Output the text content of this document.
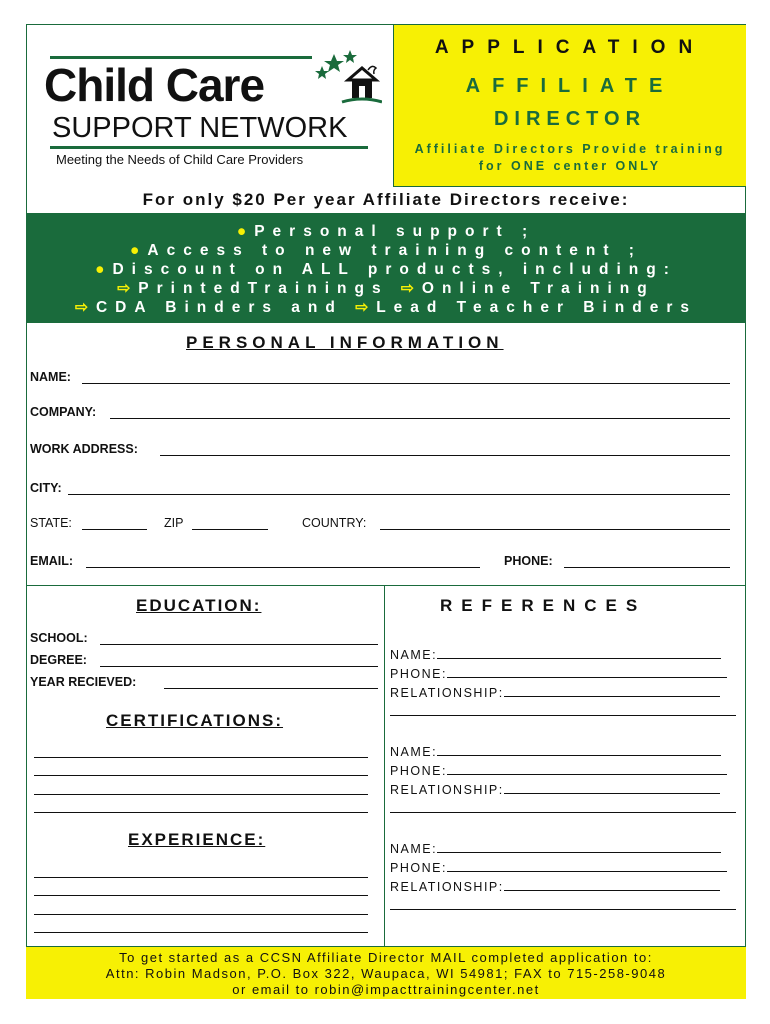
Child Care
SUPPORT NETWORK
Meeting the Needs of Child Care Providers
APPLICATION
AFFILIATE
DIRECTOR
Affiliate Directors Provide training
for ONE center ONLY
For only $20 Per year Affiliate Directors receive:
●Personal support ;
●Access to new training content ;
●Discount on ALL products, including:
⇨PrintedTrainings ⇨Online Training
⇨CDA Binders and ⇨Lead Teacher Binders
PERSONAL INFORMATION
NAME:
COMPANY:
WORK ADDRESS:
CITY:
STATE:	ZIP	COUNTRY:
EMAIL:	PHONE:
EDUCATION:
SCHOOL:
DEGREE:
YEAR RECIEVED:
CERTIFICATIONS:
EXPERIENCE:
REFERENCES
NAME:
PHONE:
RELATIONSHIP:
NAME:
PHONE:
RELATIONSHIP:
NAME:
PHONE:
RELATIONSHIP:
To get started as a CCSN Affiliate Director MAIL completed application to:
Attn: Robin Madson, P.O. Box 322, Waupaca, WI 54981; FAX to 715-258-9048
or email to robin@impacttrainingcenter.net
